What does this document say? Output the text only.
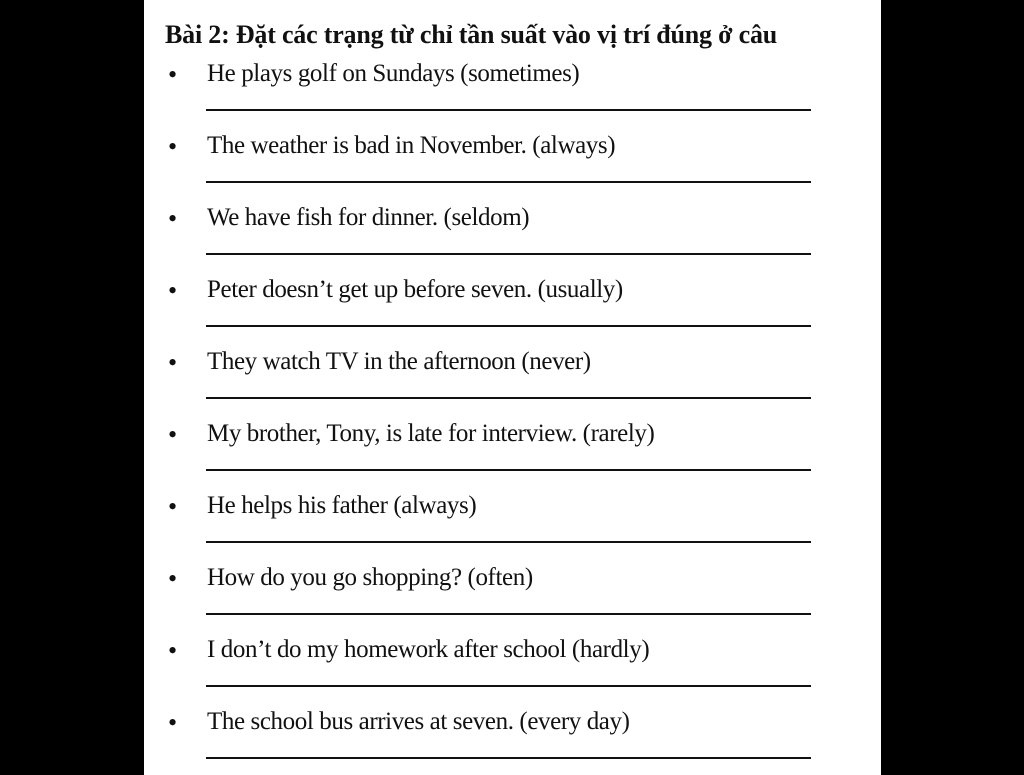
Bài 2: Đặt các trạng từ chỉ tần suất vào vị trí đúng ở câu
• He plays golf on Sundays (sometimes)
• The weather is bad in November. (always)
• We have fish for dinner. (seldom)
• Peter doesn’t get up before seven. (usually)
• They watch TV in the afternoon (never)
• My brother, Tony, is late for interview. (rarely)
• He helps his father (always)
• How do you go shopping? (often)
• I don’t do my homework after school (hardly)
• The school bus arrives at seven. (every day)
